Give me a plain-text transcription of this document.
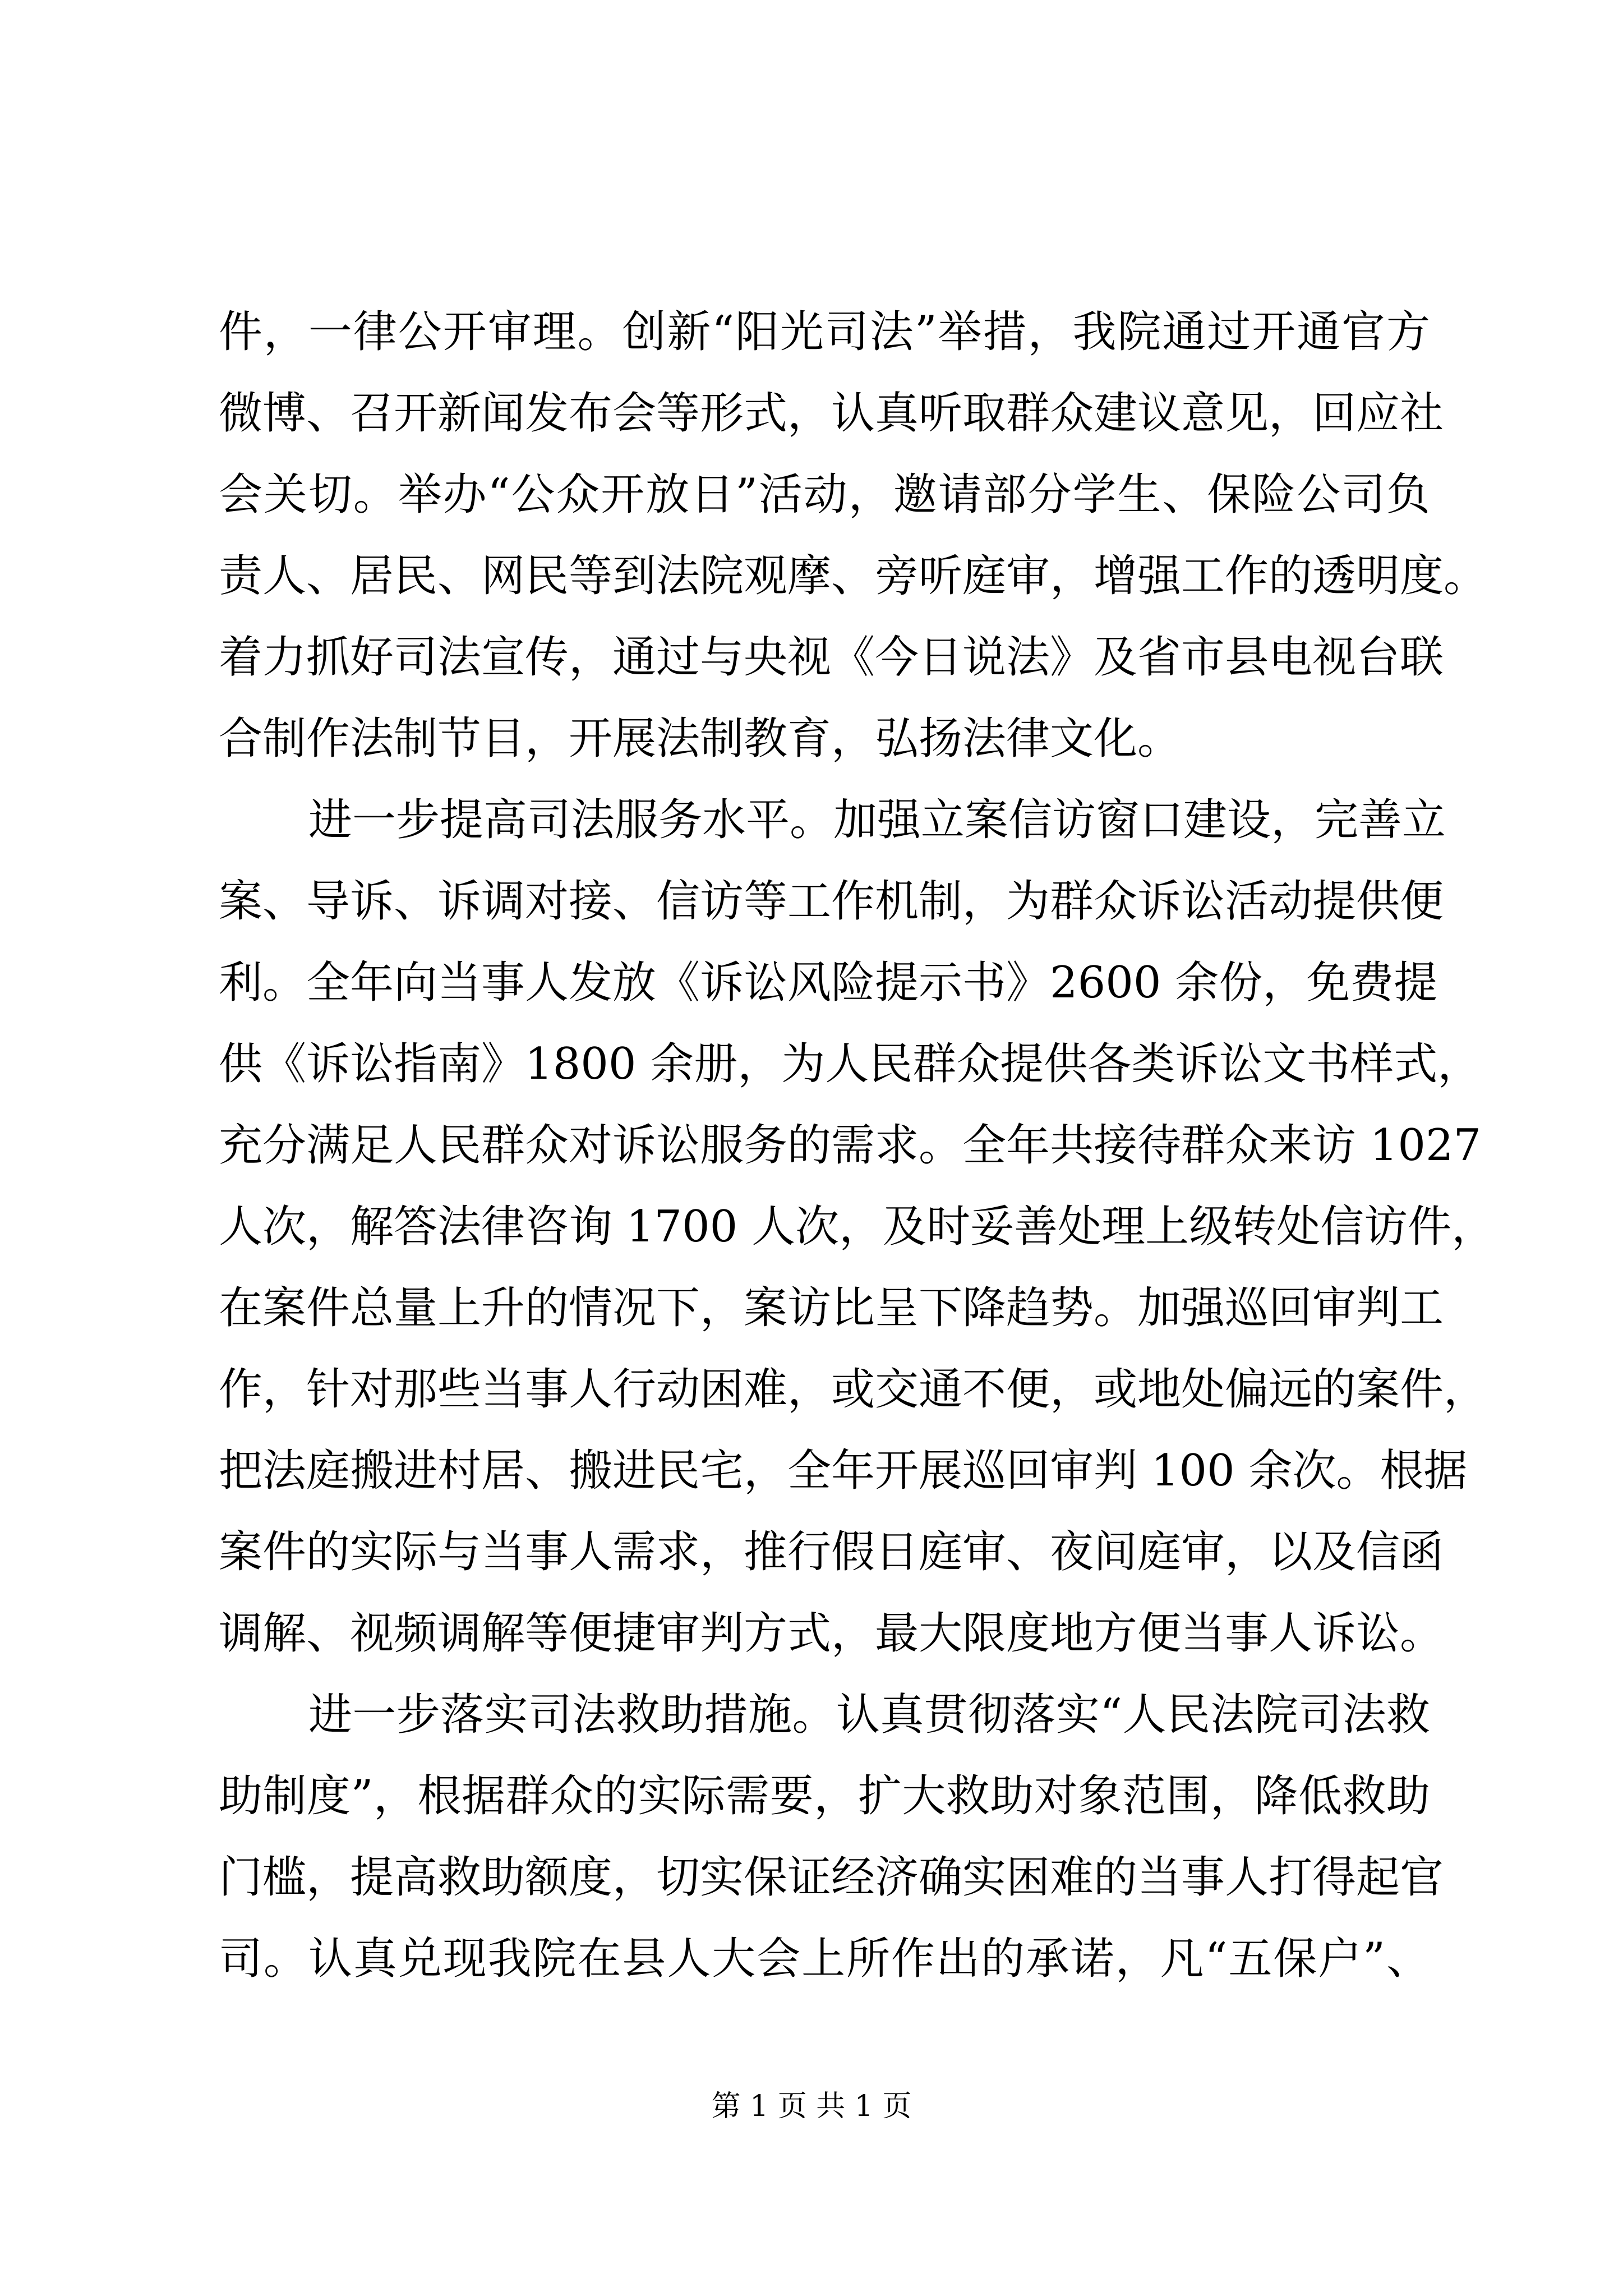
件，一律公开审理。创新“阳光司法”举措，我院通过开通官方
微博、召开新闻发布会等形式，认真听取群众建议意见，回应社
会关切。举办“公众开放日”活动，邀请部分学生、保险公司负
责人、居民、网民等到法院观摩、旁听庭审，增强工作的透明度。
着力抓好司法宣传，通过与央视《今日说法》及省市县电视台联
合制作法制节目，开展法制教育，弘扬法律文化。
进一步提高司法服务水平。加强立案信访窗口建设，完善立
案、导诉、诉调对接、信访等工作机制，为群众诉讼活动提供便
利。全年向当事人发放《诉讼风险提示书》2600 余份，免费提
供《诉讼指南》1800 余册，为人民群众提供各类诉讼文书样式，
充分满足人民群众对诉讼服务的需求。全年共接待群众来访 1027
人次，解答法律咨询 1700 人次，及时妥善处理上级转处信访件，
在案件总量上升的情况下，案访比呈下降趋势。加强巡回审判工
作，针对那些当事人行动困难，或交通不便，或地处偏远的案件，
把法庭搬进村居、搬进民宅，全年开展巡回审判 100 余次。根据
案件的实际与当事人需求，推行假日庭审、夜间庭审，以及信函
调解、视频调解等便捷审判方式，最大限度地方便当事人诉讼。
进一步落实司法救助措施。认真贯彻落实“人民法院司法救
助制度”，根据群众的实际需要，扩大救助对象范围，降低救助
门槛，提高救助额度，切实保证经济确实困难的当事人打得起官
司。认真兑现我院在县人大会上所作出的承诺，凡“五保户”、
第 1 页 共 1 页
